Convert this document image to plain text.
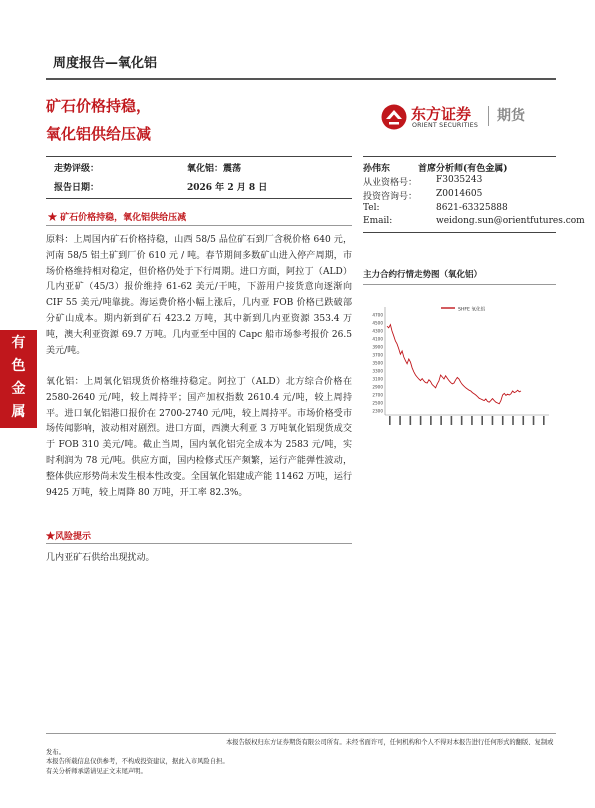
周度报告—氧化铝
矿石价格持稳，
氧化铝供给压减
东方证券
ORIENT SECURITIES
期货
有
色
金
属
走势评级：	氧化铝：震荡
报告日期：	2026 年 2 月 8 日
孙伟东	首席分析师(有色金属)
从业资格号： F3035243
投资咨询号： Z0014605
Tel:	8621-63325888
Email:	weidong.sun@orientfutures.com
★ 矿石价格持稳，氧化铝供给压减

原料：上周国内矿石价格持稳，山西 58/5 品位矿石到厂含税价格 640 元，河南 58/5 铝土矿到厂价 610 元 / 吨。春节期间多数矿山进入停产周期，市场价格维持相对稳定，但价格仍处于下行周期。进口方面，阿拉丁（ALD）几内亚矿（45/3）报价维持 61-62 美元/干吨，下游用户接货意向逐渐向 CIF 55 美元/吨靠拢。海运费价格小幅上涨后，几内亚 FOB 价格已跌破部分矿山成本。期内新到矿石 423.2 万吨，其中新到几内亚资源 353.4 万吨，澳大利亚资源 69.7 万吨。几内亚至中国的 Capc 船市场参考报价 26.5 美元/吨。

氧化铝：上周氧化铝现货价格维持稳定。阿拉丁（ALD）北方综合价格在 2580-2640 元/吨，较上周持平；国产加权指数 2610.4 元/吨，较上周持平。进口氧化铝港口报价在 2700-2740 元/吨，较上周持平。市场价格受市场传闻影响，波动相对剧烈。进口方面，西澳大利亚 3 万吨氧化铝现货成交于 FOB 310 美元/吨。截止当周，国内氧化铝完全成本为 2583 元/吨，实时利润为 78 元/吨。供应方面，国内检修式压产频繁，运行产能弹性波动，整体供应形势尚未发生根本性改变。全国氧化铝建成产能 11462 万吨，运行 9425 万吨，较上周降 80 万吨，开工率 82.3%。

★风险提示
几内亚矿石供给出现扰动。
主力合约行情走势图（氧化铝）
2300
2500
2700
2900
3100
3300
3500
3700
3900
4100
4300
4500
4700
SHFE 氧化铝
本报告版权归东方证券期货有限公司所有。未经书面许可，任何机构和个人不得对本报告进行任何形式的翻版、复制或发布。
本报告所载信息仅供参考，不构成投资建议，据此入市风险自担。
有关分析师承诺请见正文末尾声明。
